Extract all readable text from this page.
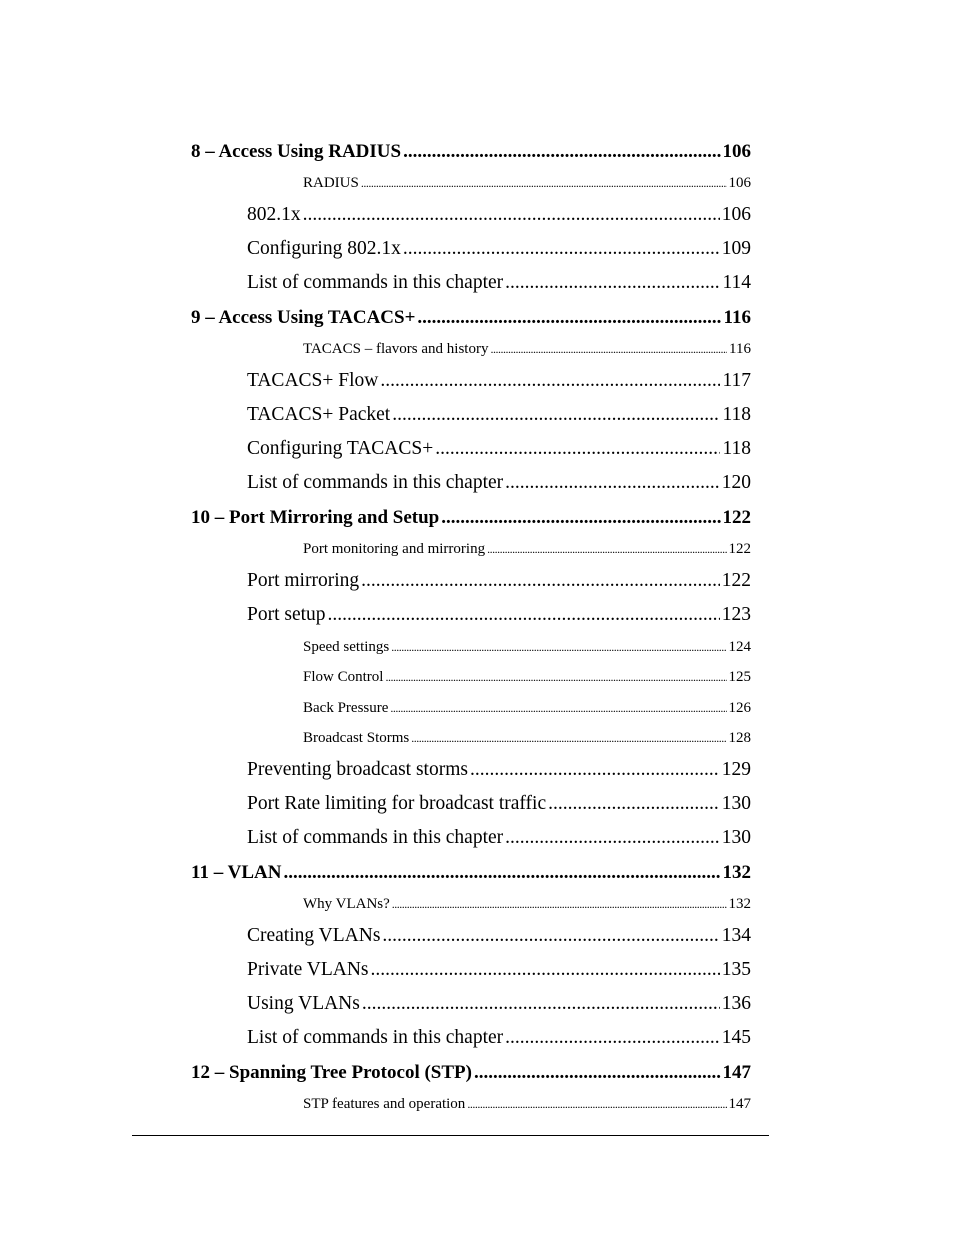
8 – Access Using RADIUS .....	106
RADIUS .....	106
802.1x .....	106
Configuring 802.1x .....	109
List of commands in this chapter .....	114
9 – Access Using TACACS+ .....	116
TACACS – flavors and history .....	116
TACACS+ Flow .....	117
TACACS+ Packet .....	118
Configuring TACACS+ .....	118
List of commands in this chapter .....	120
10 – Port Mirroring and Setup .....	122
Port monitoring and mirroring .....	122
Port mirroring .....	122
Port setup .....	123
Speed settings .....	124
Flow Control .....	125
Back Pressure .....	126
Broadcast Storms .....	128
Preventing broadcast storms .....	129
Port Rate limiting for broadcast traffic .....	130
List of commands in this chapter .....	130
11 – VLAN .....	132
Why VLANs? .....	132
Creating VLANs .....	134
Private VLANs .....	135
Using VLANs .....	136
List of commands in this chapter .....	145
12 – Spanning Tree Protocol (STP) .....	147
STP features and operation .....	147
